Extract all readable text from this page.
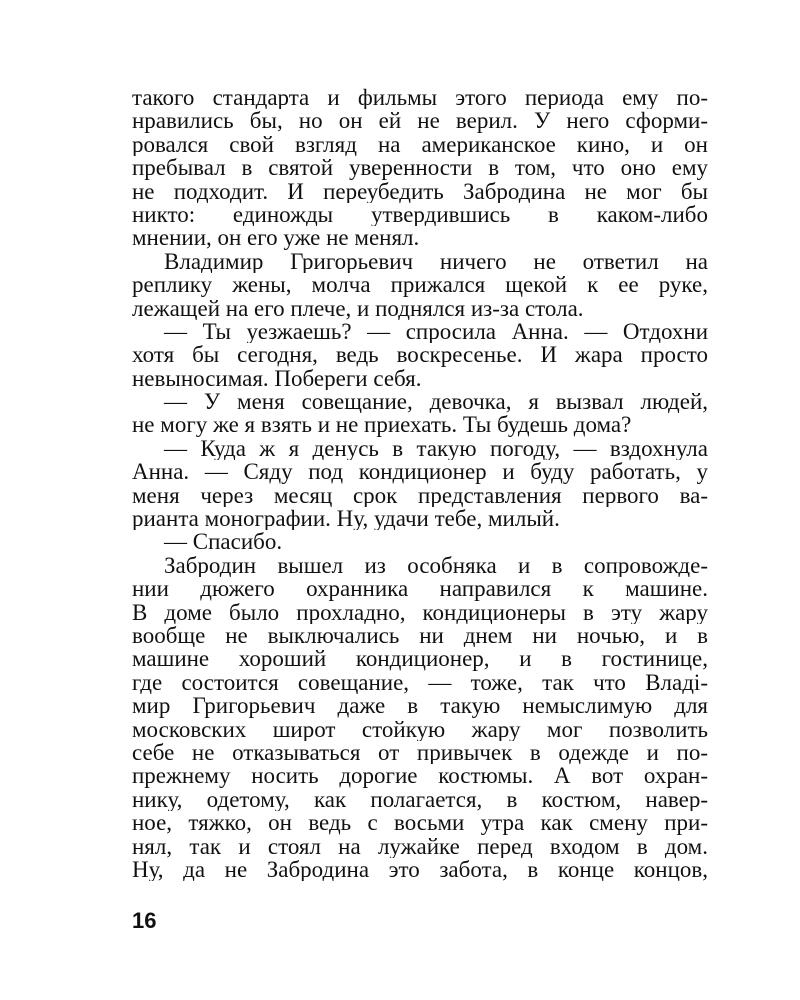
такого стандарта и фильмы этого периода ему по-
нравились бы, но он ей не верил. У него сформи-
ровался свой взгляд на американское кино, и он
пребывал в святой уверенности в том, что оно ему
не подходит. И переубедить Забродина не мог бы
никто: единожды утвердившись в каком-либо
мнении, он его уже не менял.
Владимир Григорьевич ничего не ответил на
реплику жены, молча прижался щекой к ее руке,
лежащей на его плече, и поднялся из-за стола.
— Ты уезжаешь? — спросила Анна. — Отдохни
хотя бы сегодня, ведь воскресенье. И жара просто
невыносимая. Побереги себя.
— У меня совещание, девочка, я вызвал людей,
не могу же я взять и не приехать. Ты будешь дома?
— Куда ж я денусь в такую погоду, — вздохнула
Анна. — Сяду под кондиционер и буду работать, у
меня через месяц срок представления первого ва-
рианта монографии. Ну, удачи тебе, милый.
— Спасибо.
Забродин вышел из особняка и в сопровожде-
нии дюжего охранника направился к машине.
В доме было прохладно, кондиционеры в эту жару
вообще не выключались ни днем ни ночью, и в
машине хороший кондиционер, и в гостинице,
где состоится совещание, — тоже, так что Владі-
мир Григорьевич даже в такую немыслимую для
московских широт стойкую жару мог позволить
себе не отказываться от привычек в одежде и по-
прежнему носить дорогие костюмы. А вот охран-
нику, одетому, как полагается, в костюм, навер-
ное, тяжко, он ведь с восьми утра как смену при-
нял, так и стоял на лужайке перед входом в дом.
Ну, да не Забродина это забота, в конце концов,
16
